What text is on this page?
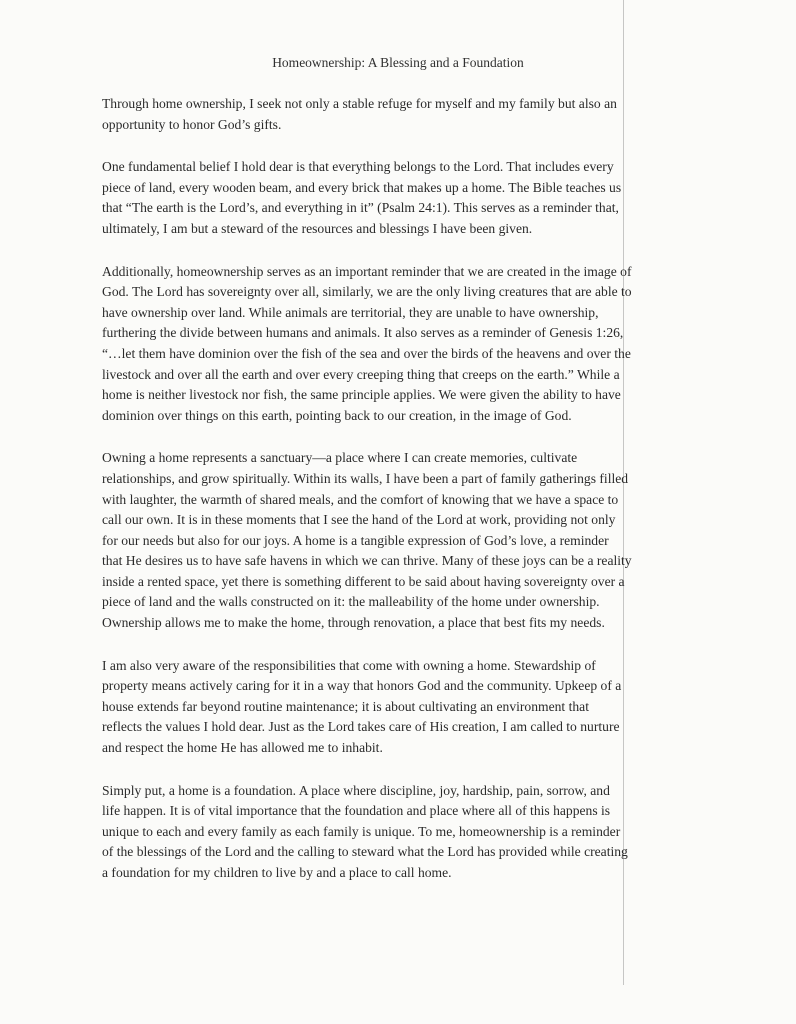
Homeownership: A Blessing and a Foundation

Through home ownership, I seek not only a stable refuge for myself and my family but also an
opportunity to honor God’s gifts.

One fundamental belief I hold dear is that everything belongs to the Lord. That includes every
piece of land, every wooden beam, and every brick that makes up a home. The Bible teaches us
that “The earth is the Lord’s, and everything in it” (Psalm 24:1). This serves as a reminder that,
ultimately, I am but a steward of the resources and blessings I have been given.

Additionally, homeownership serves as an important reminder that we are created in the image of
God. The Lord has sovereignty over all, similarly, we are the only living creatures that are able to
have ownership over land. While animals are territorial, they are unable to have ownership,
furthering the divide between humans and animals. It also serves as a reminder of Genesis 1:26,
“…let them have dominion over the fish of the sea and over the birds of the heavens and over the
livestock and over all the earth and over every creeping thing that creeps on the earth.” While a
home is neither livestock nor fish, the same principle applies. We were given the ability to have
dominion over things on this earth, pointing back to our creation, in the image of God.

Owning a home represents a sanctuary—a place where I can create memories, cultivate
relationships, and grow spiritually. Within its walls, I have been a part of family gatherings filled
with laughter, the warmth of shared meals, and the comfort of knowing that we have a space to
call our own. It is in these moments that I see the hand of the Lord at work, providing not only
for our needs but also for our joys. A home is a tangible expression of God’s love, a reminder
that He desires us to have safe havens in which we can thrive. Many of these joys can be a reality
inside a rented space, yet there is something different to be said about having sovereignty over a
piece of land and the walls constructed on it: the malleability of the home under ownership.
Ownership allows me to make the home, through renovation, a place that best fits my needs.

I am also very aware of the responsibilities that come with owning a home. Stewardship of
property means actively caring for it in a way that honors God and the community. Upkeep of a
house extends far beyond routine maintenance; it is about cultivating an environment that
reflects the values I hold dear. Just as the Lord takes care of His creation, I am called to nurture
and respect the home He has allowed me to inhabit.

Simply put, a home is a foundation. A place where discipline, joy, hardship, pain, sorrow, and
life happen. It is of vital importance that the foundation and place where all of this happens is
unique to each and every family as each family is unique. To me, homeownership is a reminder
of the blessings of the Lord and the calling to steward what the Lord has provided while creating
a foundation for my children to live by and a place to call home.
